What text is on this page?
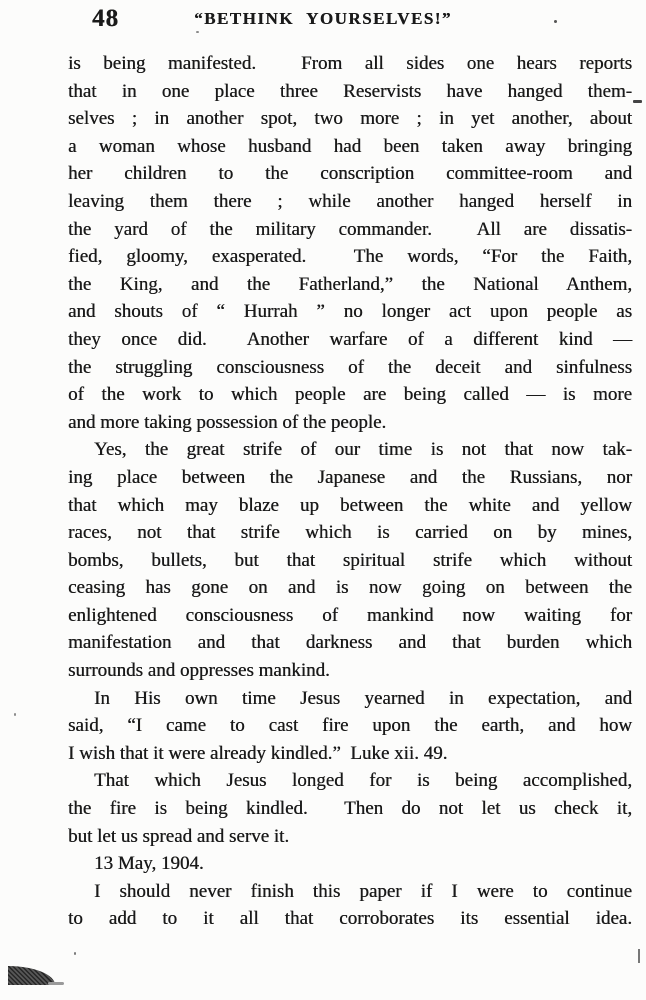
48	“BETHINK YOURSELVES!”
is being manifested.  From all sides one hears reports
that in one place three Reservists have hanged them-
selves ; in another spot, two more ; in yet another, about
a woman whose husband had been taken away bringing
her children to the conscription committee-room and
leaving them there ; while another hanged herself in
the yard of the military commander.  All are dissatis-
fied, gloomy, exasperated.  The words, “For the Faith,
the King, and the Fatherland,” the National Anthem,
and shouts of “ Hurrah ” no longer act upon people as
they once did.  Another warfare of a different kind —
the struggling consciousness of the deceit and sinfulness
of the work to which people are being called — is more
and more taking possession of the people.
Yes, the great strife of our time is not that now tak-
ing place between the Japanese and the Russians, nor
that which may blaze up between the white and yellow
races, not that strife which is carried on by mines,
bombs, bullets, but that spiritual strife which without
ceasing has gone on and is now going on between the
enlightened consciousness of mankind now waiting for
manifestation and that darkness and that burden which
surrounds and oppresses mankind.
In His own time Jesus yearned in expectation, and
said, “I came to cast fire upon the earth, and how
I wish that it were already kindled.”  Luke xii. 49.
That which Jesus longed for is being accomplished,
the fire is being kindled.  Then do not let us check it,
but let us spread and serve it.
13 May, 1904.
I should never finish this paper if I were to continue
to add to it all that corroborates its essential idea.
